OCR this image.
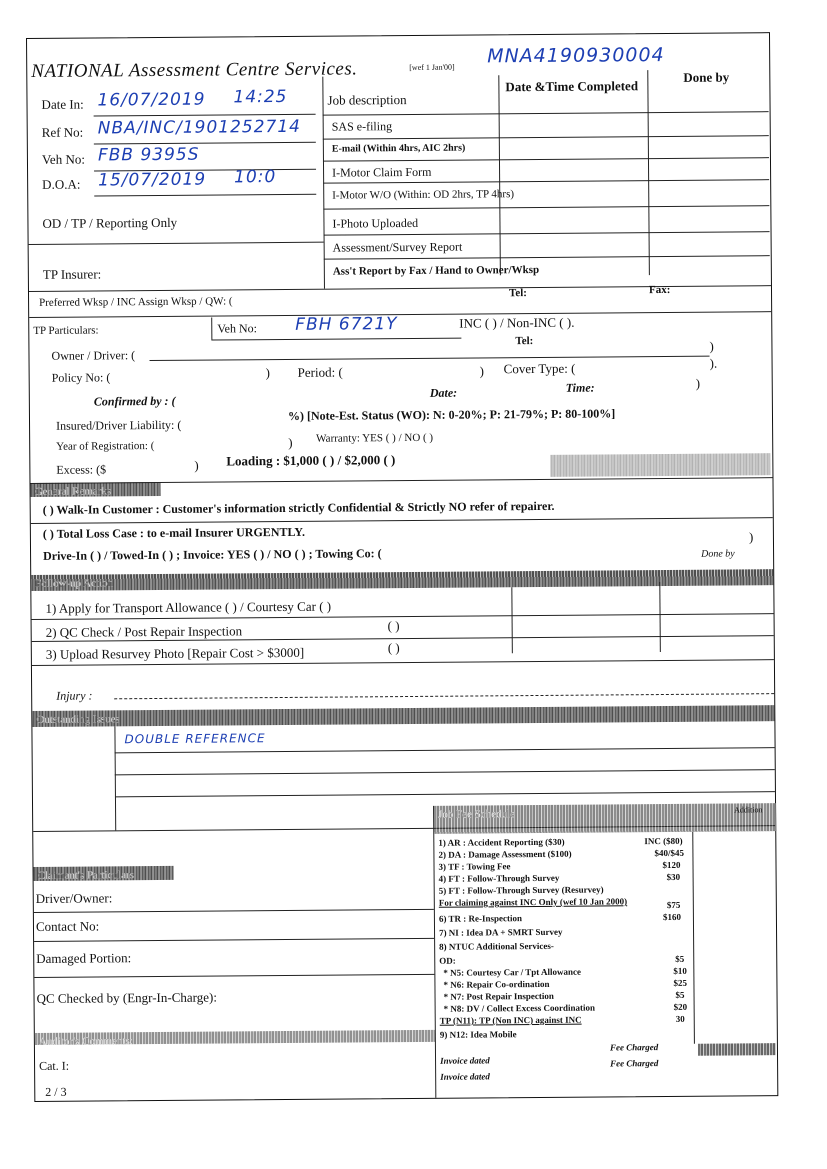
NATIONAL Assessment Centre Services.	[wef 1 Jan'00] MNA4190930004
Date In: 16/07/2019 14:25
Ref No: NBA/INC/1901252714
Veh No: FBB 9395S
D.O.A: 15/07/2019 10:0
OD / TP / Reporting Only
TP Insurer:
Job description
Date &Time Completed
Done by
SAS e-filing
E-mail (Within 4hrs, AIC 2hrs)
I-Motor Claim Form
I-Motor W/O (Within: OD 2hrs, TP 4hrs)
I-Photo Uploaded
Assessment/Survey Report
Ass't Report by Fax / Hand to Owner/Wksp
Preferred Wksp / INC Assign Wksp / QW: (
Tel:	Fax:
TP Particulars:	Veh No: FBH 6721Y	INC ( ) / Non-INC ( ).
Tel:
Owner / Driver: (
)
Policy No: (	) Period: (	) Cover Type: (	).
Confirmed by : (
Date:	Time:	)
Insured/Driver Liability: (
%) [Note-Est. Status (WO): N: 0-20%; P: 21-79%; P: 80-100%]
Year of Registration: (	) Warranty: YES ( ) / NO ( )
Excess: ($	) Loading : $1,000 ( ) / $2,000 ( )
General Remarks
( ) Walk-In Customer : Customer's information strictly Confidential & Strictly NO refer of repairer.
( ) Total Loss Case : to e-mail Insurer URGENTLY.
Drive-In ( ) / Towed-In ( ) ; Invoice: YES ( ) / NO ( ) ; Towing Co: (
)
Follow-up Action
Done by
1) Apply for Transport Allowance ( ) / Courtesy Car ( )
2) QC Check / Post Repair Inspection	( )
3) Upload Resurvey Photo [Repair Cost > $3000]	( )
Injury :
Outstanding Issues
DOUBLE REFERENCE
Claimant's Particulars
Driver/Owner:
Contact No:
Damaged Portion:
QC Checked by (Engr-In-Charge):
Auditor's Comments:
Cat. I:
2 / 3
Job Fee Schedule	Addition
1) AR : Accident Reporting ($30)	INC ($80)
2) DA : Damage Assessment ($100)	$40/$45
3) TF : Towing Fee	$120
4) FT : Follow-Through Survey	$30
5) FT : Follow-Through Survey (Resurvey)
For claiming against INC Only (wef 10 Jan 2000)	$75
6) TR : Re-Inspection	$160
7) NI : Idea DA + SMRT Survey
8) NTUC Additional Services-
OD:	$5
* N5: Courtesy Car / Tpt Allowance	$10
* N6: Repair Co-ordination	$25
* N7: Post Repair Inspection	$5
* N8: DV / Collect Excess Coordination	$20
TP (N11): TP (Non INC) against INC	30
9) N12: Idea Mobile
Fee Charged
Invoice dated	Fee Charged
Invoice dated
